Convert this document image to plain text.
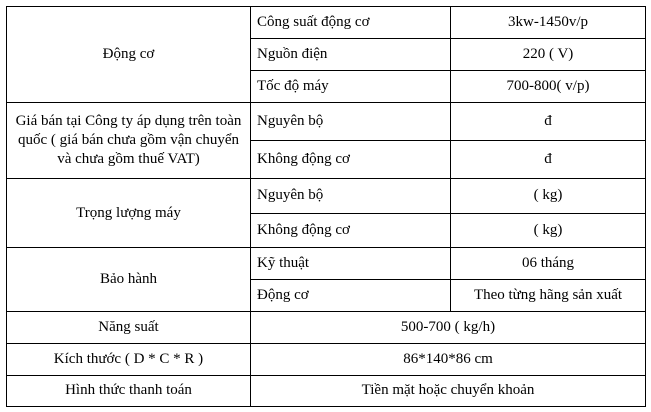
Động cơ	Công suất động cơ	3kw-1450v/p
	Nguồn điện	220 ( V)
	Tốc độ máy	700-800( v/p)
Giá bán tại Công ty áp dụng trên toàn quốc ( giá bán chưa gồm vận chuyển và chưa gồm thuế VAT)	Nguyên bộ	đ
	Không động cơ	đ
Trọng lượng máy	Nguyên bộ	( kg)
	Không động cơ	( kg)
Bảo hành	Kỹ thuật	06 tháng
	Động cơ	Theo từng hãng sản xuất
Năng suất	500-700 ( kg/h)	
Kích thước ( D * C * R )	86*140*86 cm	
Hình thức thanh toán	Tiền mặt hoặc chuyển khoản	
